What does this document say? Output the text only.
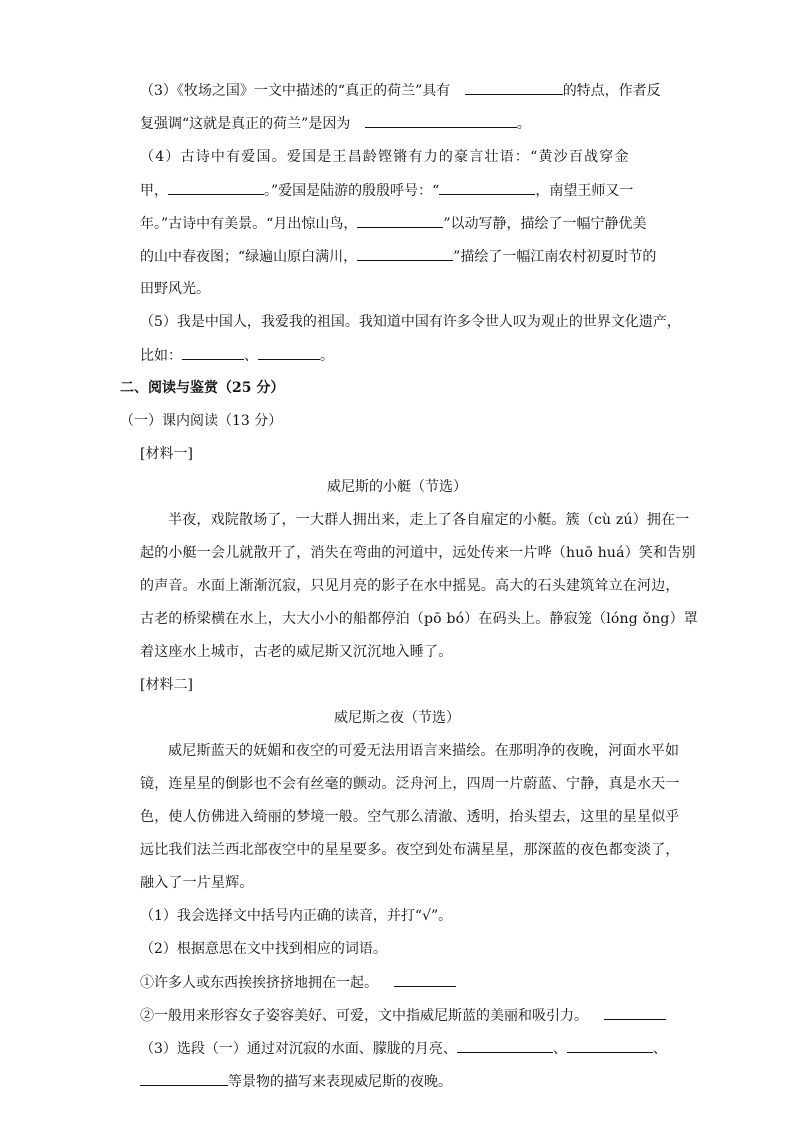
（3）《牧场之国》一文中描述的“真正的荷兰”具有	的特点，作者反
复强调“这就是真正的荷兰”是因为	。
（4）古诗中有爱国。爱国是王昌龄铿锵有力的豪言壮语：“黄沙百战穿金
甲，	。”爱国是陆游的殷殷呼号：“	，南望王师又一
年。”古诗中有美景。“月出惊山鸟，	”以动写静，描绘了一幅宁静优美
的山中春夜图；“绿遍山原白满川，	”描绘了一幅江南农村初夏时节的
田野风光。
（5）我是中国人，我爱我的祖国。我知道中国有许多令世人叹为观止的世界文化遗产，
比如：	、	。
二、阅读与鉴赏（25 分）
（一）课内阅读（13 分）
[材料一]
威尼斯的小艇（节选）
半夜，戏院散场了，一大群人拥出来，走上了各自雇定的小艇。簇（cù zú）拥在一
起的小艇一会儿就散开了，消失在弯曲的河道中，远处传来一片哗（huō huá）笑和告别
的声音。水面上渐渐沉寂，只见月亮的影子在水中摇晃。高大的石头建筑耸立在河边，
古老的桥梁横在水上，大大小小的船都停泊（pō bó）在码头上。静寂笼（lóng ǒng）罩
着这座水上城市，古老的威尼斯又沉沉地入睡了。
[材料二]
威尼斯之夜（节选）
威尼斯蓝天的妩媚和夜空的可爱无法用语言来描绘。在那明净的夜晚，河面水平如
镜，连星星的倒影也不会有丝毫的颤动。泛舟河上，四周一片蔚蓝、宁静，真是水天一
色，使人仿佛进入绮丽的梦境一般。空气那么清澈、透明，抬头望去，这里的星星似乎
远比我们法兰西北部夜空中的星星要多。夜空到处布满星星，那深蓝的夜色都变淡了，
融入了一片星辉。
（1）我会选择文中括号内正确的读音，并打“√”。
（2）根据意思在文中找到相应的词语。
①许多人或东西挨挨挤挤地拥在一起。
②一般用来形容女子姿容美好、可爱，文中指威尼斯蓝的美丽和吸引力。
（3）选段（一）通过对沉寂的水面、朦胧的月亮、	、	、
等景物的描写来表现威尼斯的夜晚。
